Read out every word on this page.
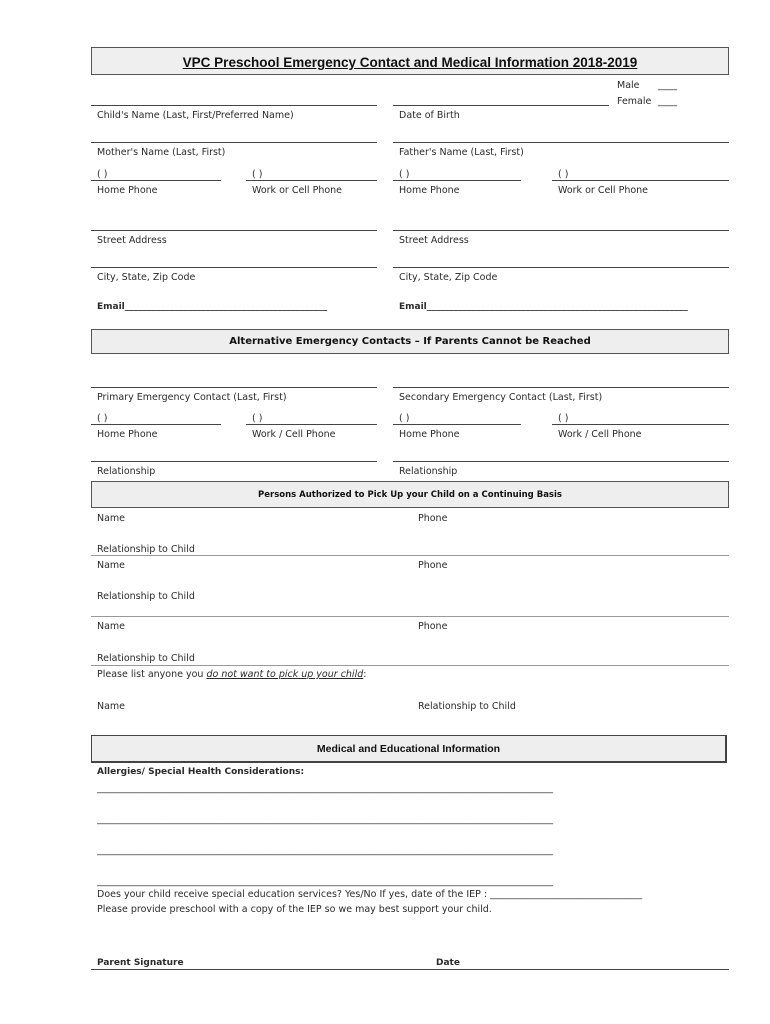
VPC Preschool Emergency Contact and Medical Information 2018-2019
Male ____
Female ____
Child's Name (Last, First/Preferred Name)	Date of Birth
Mother's Name (Last, First)	Father's Name (Last, First)
( )	( )	( )	( )
Home Phone	Work or Cell Phone	Home Phone	Work or Cell Phone
Street Address	Street Address
City, State, Zip Code	City, State, Zip Code
Email_____________________________________________	Email__________________________________________________________
Alternative Emergency Contacts – If Parents Cannot be Reached
Primary Emergency Contact (Last, First)	Secondary Emergency Contact (Last, First)
( )	( )	( )	( )
Home Phone	Work / Cell Phone	Home Phone	Work / Cell Phone
Relationship	Relationship
Persons Authorized to Pick Up your Child on a Continuing Basis
Name	Phone
Relationship to Child
Name	Phone
Relationship to Child
Name	Phone
Relationship to Child
Please list anyone you do not want to pick up your child:
Name	Relationship to Child
Medical and Educational Information
Allergies/ Special Health Considerations:
________________________________________________________________________________________________
________________________________________________________________________________________________
________________________________________________________________________________________________
________________________________________________________________________________________________
Does your child receive special education services? Yes/No If yes, date of the IEP : ________________________________
Please provide preschool with a copy of the IEP so we may best support your child.
Parent Signature	Date
